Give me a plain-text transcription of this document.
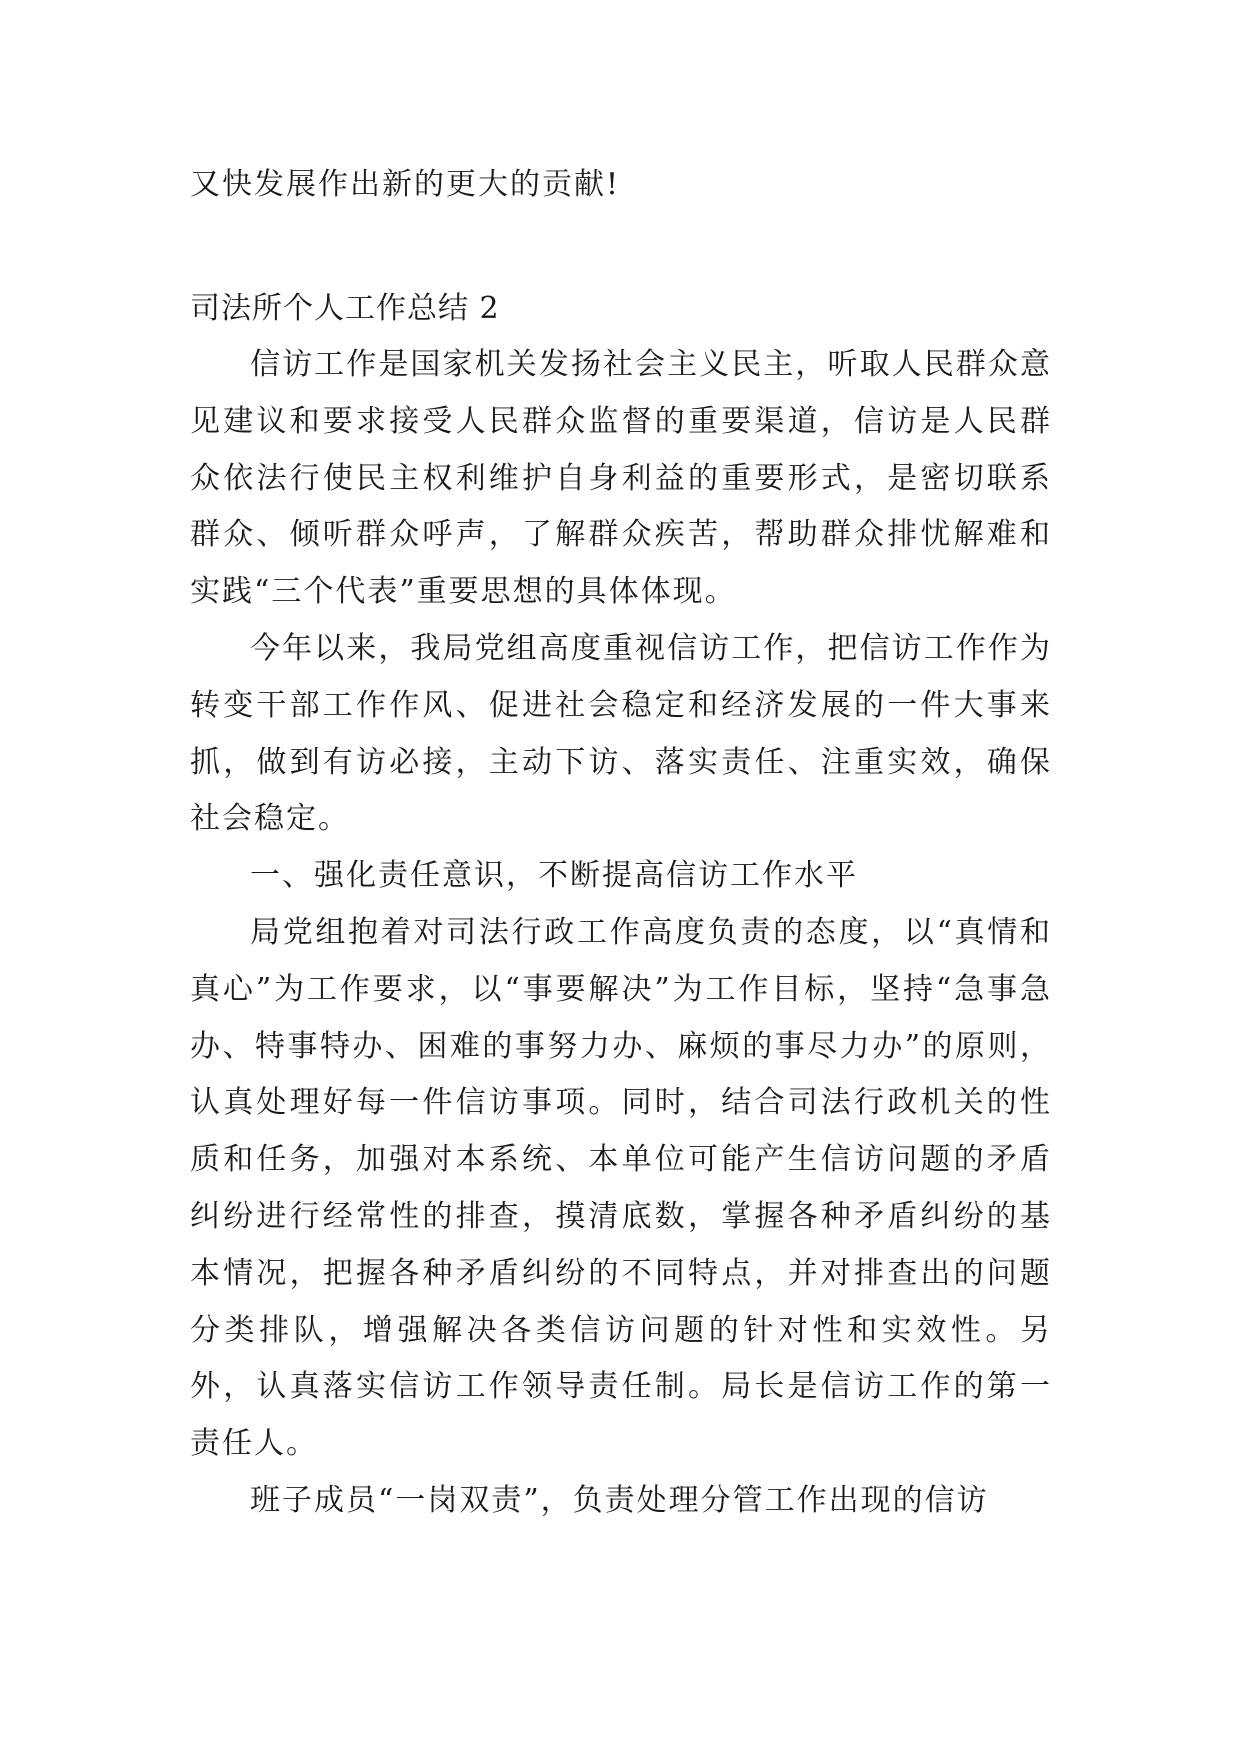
又快发展作出新的更大的贡献!
司法所个人工作总结 2

信访工作是国家机关发扬社会主义民主，听取人民群众意见建议和要求接受人民群众监督的重要渠道，信访是人民群众依法行使民主权利维护自身利益的重要形式，是密切联系群众、倾听群众呼声，了解群众疾苦，帮助群众排忧解难和实践“三个代表”重要思想的具体体现。

今年以来，我局党组高度重视信访工作，把信访工作作为转变干部工作作风、促进社会稳定和经济发展的一件大事来抓，做到有访必接，主动下访、落实责任、注重实效，确保社会稳定。

一、强化责任意识，不断提高信访工作水平

局党组抱着对司法行政工作高度负责的态度，以“真情和真心”为工作要求，以“事要解决”为工作目标，坚持“急事急办、特事特办、困难的事努力办、麻烦的事尽力办”的原则，认真处理好每一件信访事项。同时，结合司法行政机关的性质和任务，加强对本系统、本单位可能产生信访问题的矛盾纠纷进行经常性的排查，摸清底数，掌握各种矛盾纠纷的基本情况，把握各种矛盾纠纷的不同特点，并对排查出的问题分类排队，增强解决各类信访问题的针对性和实效性。另外，认真落实信访工作领导责任制。局长是信访工作的第一责任人。

班子成员“一岗双责”，负责处理分管工作出现的信访
